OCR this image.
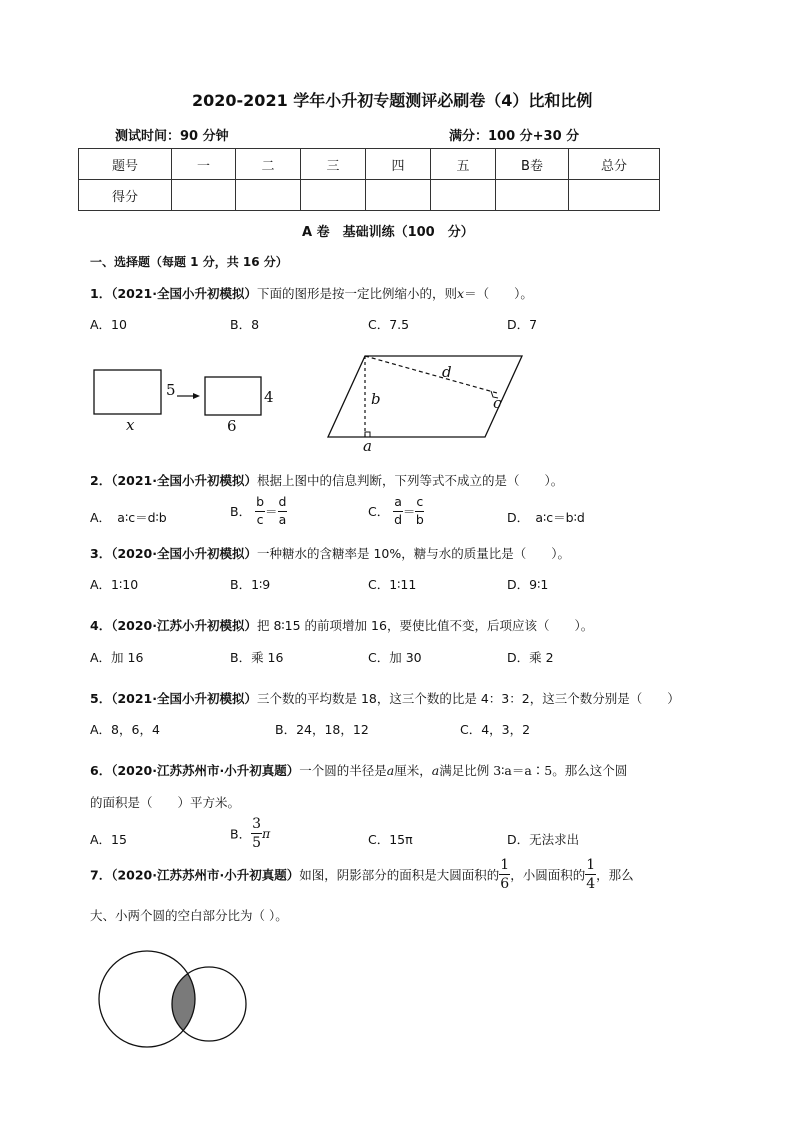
2020-2021 学年小升初专题测评必刷卷（4）比和比例
测试时间：90 分钟	满分：100 分+30 分
题号	一	二	三	四	五	B卷	总分
得分							
A 卷　基础训练（100　分）
一、选择题（每题 1 分，共 16 分）
1．（2021·全国小升初模拟）下面的图形是按一定比例缩小的，则x＝（　　）。
A．10	B．8	C．7.5	D．7
x
5	4
6
d
b	c
a
2．（2021·全国小升初模拟）根据上图中的信息判断，下列等式不成立的是（　　）。
A．　a∶c＝d∶b	B． $\frac{b}{c} = \frac{d}{a}$	C． $\frac{a}{d} = \frac{c}{b}$	D．　a∶c＝b∶d
3．（2020·全国小升初模拟）一种糖水的含糖率是 10%，糖与水的质量比是（　　）。
A．1∶10	B．1∶9	C．1∶11	D．9∶1
4．（2020·江苏小升初模拟）把 8∶15 的前项增加 16，要使比值不变，后项应该（　　）。
A．加 16	B．乘 16	C．加 30	D．乘 2
5．（2021·全国小升初模拟）三个数的平均数是 18，这三个数的比是 4：3：2，这三个数分别是（　　）
A．8，6，4	B．24，18，12	C．4，3，2
6．（2020·江苏苏州市·小升初真题）一个圆的半径是a厘米，a满足比例 3∶a＝a∶5。那么这个圆
的面积是（　　）平方米。
A．15	B． $\frac{3}{5}$ π	C．15π	D．无法求出
7．（2020·江苏苏州市·小升初真题）如图，阴影部分的面积是大圆面积的 $\frac{1}{6}$ ，小圆面积的 $\frac{1}{4}$ ，那么
大、小两个圆的空白部分比为（ ）。
